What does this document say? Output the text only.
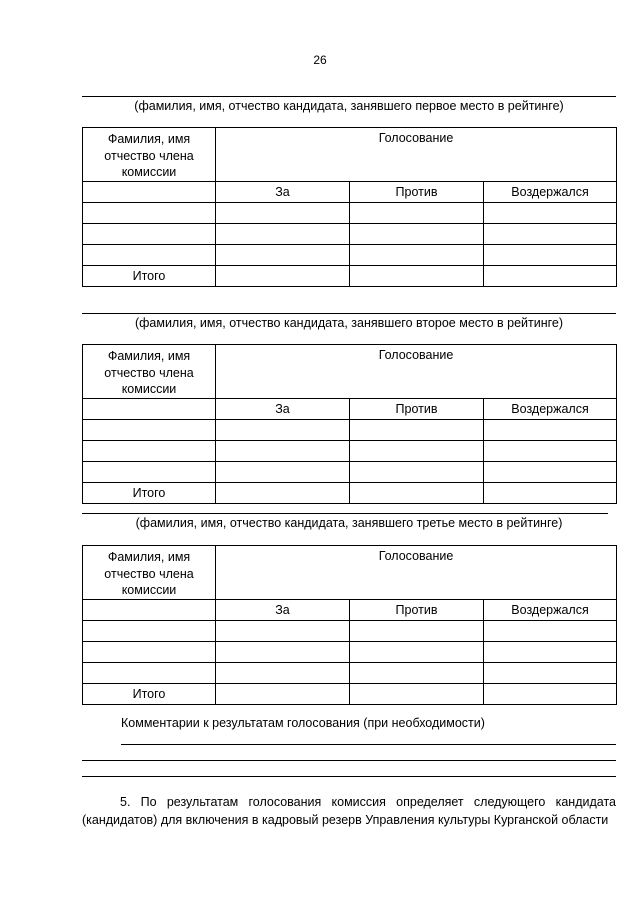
26
(фамилия, имя, отчество кандидата, занявшего первое место в рейтинге)
Фамилия, имя отчество члена комиссии	Голосование		
	За	Против	Воздержался

Итого			
(фамилия, имя, отчество кандидата, занявшего второе место в рейтинге)
Фамилия, имя отчество члена комиссии	Голосование		
	За	Против	Воздержался

Итого			
(фамилия, имя, отчество кандидата, занявшего третье место в рейтинге)
Фамилия, имя отчество члена комиссии	Голосование		
	За	Против	Воздержался

Итого			
Комментарии к результатам голосования (при необходимости)
5. По результатам голосования комиссия определяет следующего кандидата (кандидатов) для включения в кадровый резерв Управления культуры Курганской области
